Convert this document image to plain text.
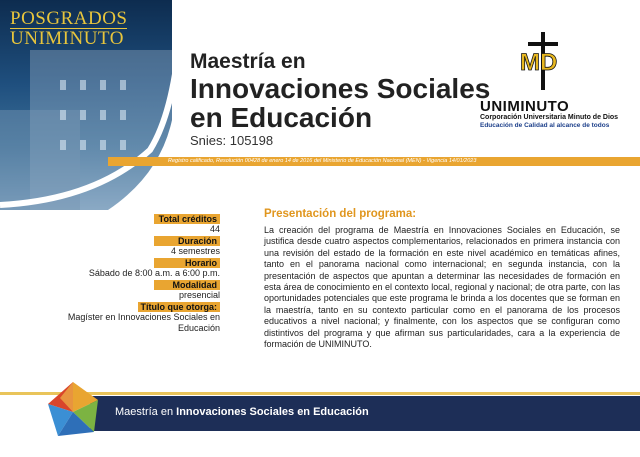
POSGRADOS
UNIMINUTO
Maestría en
Innovaciones Sociales
en Educación
Snies: 105198
MD
UNIMINUTO
Corporación Universitaria Minuto de Dios
Educación de Calidad al alcance de todos
Registro calificado, Resolución 00428 de enero 14 de 2016 del Ministerio de Educación Nacional (MEN) - Vigencia 14/01/2023
Total créditos
44
Duración
4 semestres
Horario
Sábado de 8:00 a.m. a 6:00 p.m.
Modalidad
presencial
Título que otorga:
Magíster en Innovaciones Sociales en Educación
Presentación del programa:
La creación del programa de Maestría en Innovaciones Sociales en Educación, se justifica desde cuatro aspectos complementarios, relacionados en primera instancia con una revisión del estado de la formación en este nivel académico en temáticas afines, tanto en el panorama nacional como internacional; en segunda instancia, con la presentación de aspectos que apuntan a determinar las necesidades de formación en esta área de conocimiento en el contexto local, regional y nacional; de otra parte, con las oportunidades potenciales que este programa le brinda a los docentes que se forman en la maestría, tanto en su contexto particular como en el panorama de los procesos educativos a nivel nacional; y finalmente, con los aspectos que se configuran como distintivos del programa y que afirman sus particularidades, cara a la experiencia de formación de UNIMINUTO.
Maestría en Innovaciones Sociales en Educación
